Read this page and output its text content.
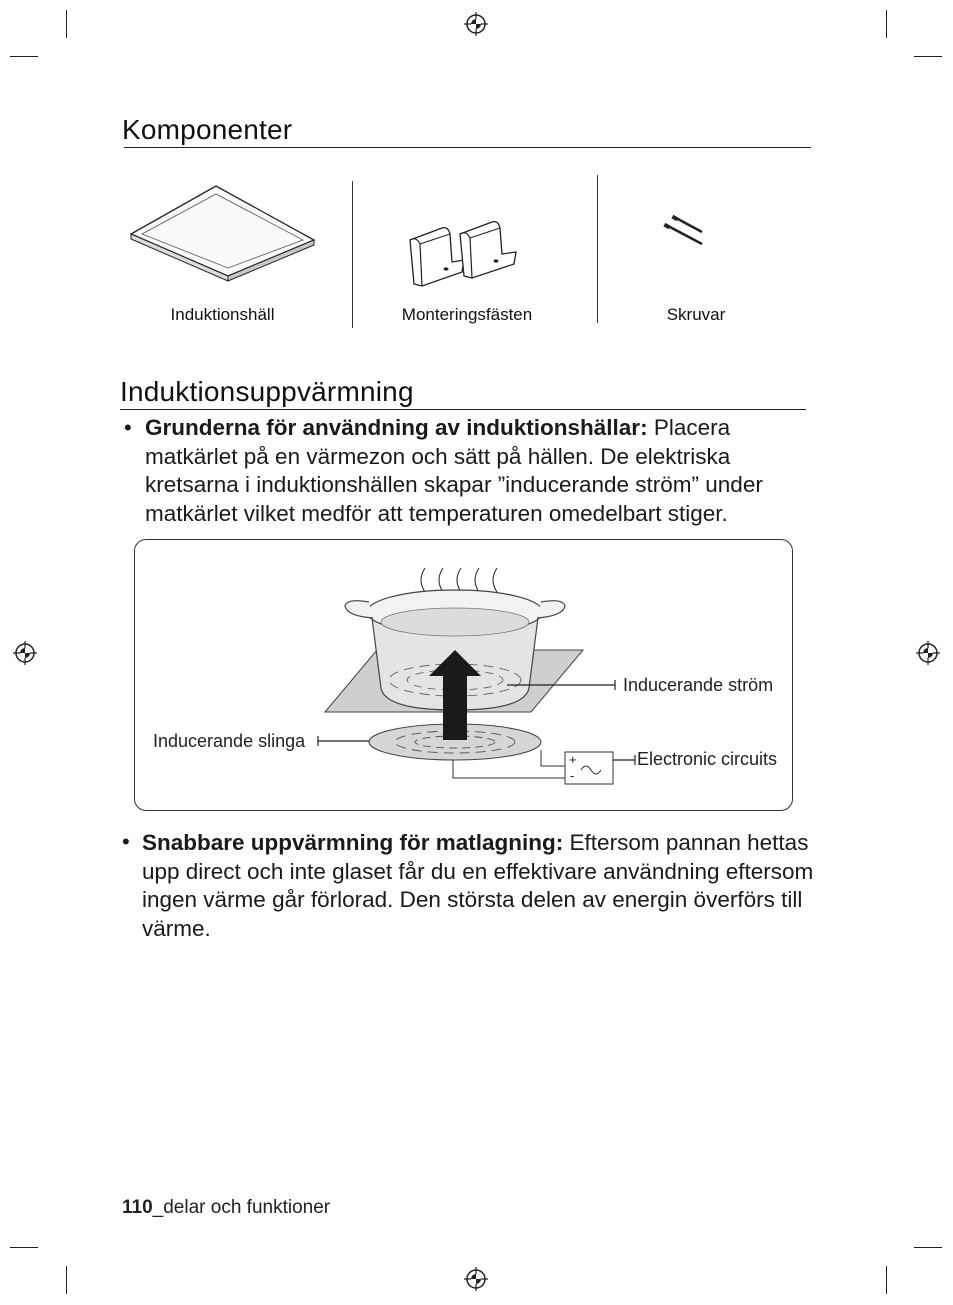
Komponenter
Induktionshäll	Monteringsfästen	Skruvar
Induktionsuppvärmning
• Grunderna för användning av induktionshällar: Placera
matkärlet på en värmezon och sätt på hällen. De elektriska
kretsarna i induktionshällen skapar ”inducerande ström” under
matkärlet vilket medför att temperaturen omedelbart stiger.
+
-
Inducerande ström
Inducerande slinga
Electronic circuits
• Snabbare uppvärmning för matlagning: Eftersom pannan hettas
upp direct och inte glaset får du en effektivare användning eftersom
ingen värme går förlorad. Den största delen av energin överförs till
värme.
110_delar och funktioner
